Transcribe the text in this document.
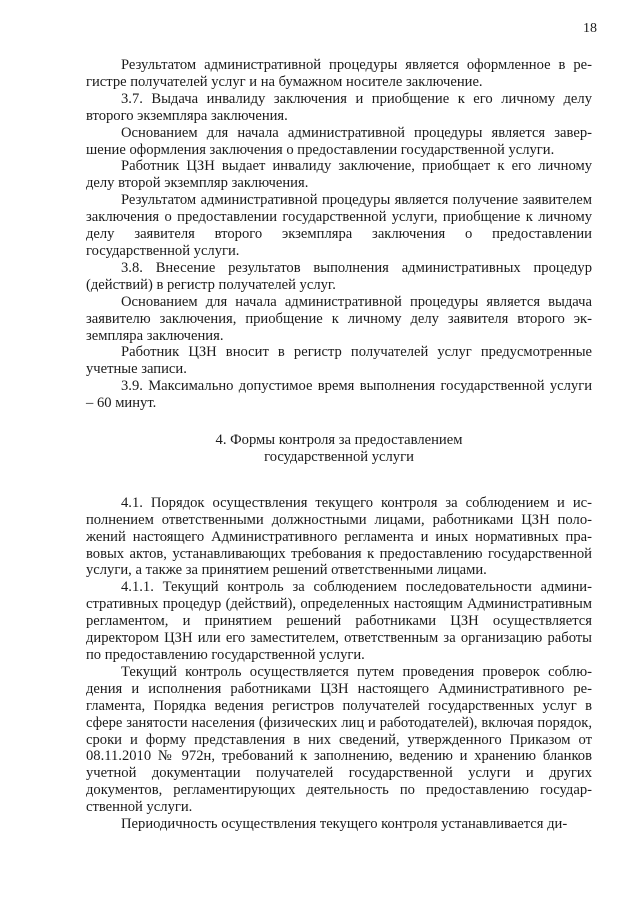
18

Результатом административной процедуры является оформленное в регистре получателей услуг и на бумажном носителе заключение.

3.7. Выдача инвалиду заключения и приобщение к его личному делу второго экземпляра заключения.

Основанием для начала административной процедуры является завершение оформления заключения о предоставлении государственной услуги.

Работник ЦЗН выдает инвалиду заключение, приобщает к его личному делу второй экземпляр заключения.

Результатом административной процедуры является получение заявителем заключения о предоставлении государственной услуги, приобщение к личному делу заявителя второго экземпляра заключения о предоставлении государственной услуги.

3.8. Внесение результатов выполнения административных процедур (действий) в регистр получателей услуг.

Основанием для начала административной процедуры является выдача заявителю заключения, приобщение к личному делу заявителя второго экземпляра заключения.

Работник ЦЗН вносит в регистр получателей услуг предусмотренные учетные записи.

3.9. Максимально допустимое время выполнения государственной услуги – 60 минут.

4. Формы контроля за предоставлением
государственной услуги

4.1. Порядок осуществления текущего контроля за соблюдением и исполнением ответственными должностными лицами, работниками ЦЗН положений настоящего Административного регламента и иных нормативных правовых актов, устанавливающих требования к предоставлению государственной услуги, а также за принятием решений ответственными лицами.

4.1.1. Текущий контроль за соблюдением последовательности административных процедур (действий), определенных настоящим Административным регламентом, и принятием решений работниками ЦЗН осуществляется директором ЦЗН или его заместителем, ответственным за организацию работы по предоставлению государственной услуги.

Текущий контроль осуществляется путем проведения проверок соблюдения и исполнения работниками ЦЗН настоящего Административного регламента, Порядка ведения регистров получателей государственных услуг в сфере занятости населения (физических лиц и работодателей), включая порядок, сроки и форму представления в них сведений, утвержденного Приказом от 08.11.2010 № 972н, требований к заполнению, ведению и хранению бланков учетной документации получателей государственной услуги и других документов, регламентирующих деятельность по предоставлению государственной услуги.

Периодичность осуществления текущего контроля устанавливается ди-
